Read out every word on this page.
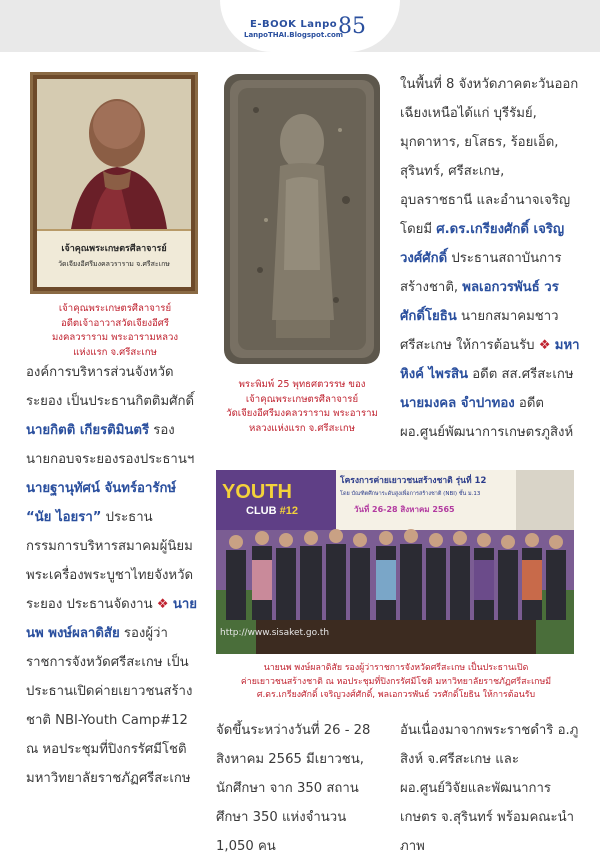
E-BOOK Lanpo
LanpoTHAI.Blogspot.com
85
เจ้าคุณพระเกษตรศีลาจารย์
วัดเจียงอีศรีมงคลวราราม จ.ศรีสะเกษ
เจ้าคุณพระเกษตรศีลาจารย์
อดีตเจ้าอาวาสวัดเจียงอีศรี
มงคลวราราม พระอารามหลวง
แห่งแรก จ.ศรีสะเกษ
พระพิมพ์ 25 พุทธศตวรรษ ของ
เจ้าคุณพระเกษตรศีลาจารย์
วัดเจียงอีศรีมงคลวราราม พระอาราม
หลวงแห่งแรก จ.ศรีสะเกษ

ในพื้นที่ 8 จังหวัดภาคตะวันออกเฉียงเหนือได้แก่ บุรีรัมย์, มุกดาหาร, ยโสธร, ร้อยเอ็ด, สุรินทร์, ศรีสะเกษ, อุบลราชธานี และอำนาจเจริญ โดยมี ศ.ดร.เกรียงศักดิ์ เจริญวงศ์ศักดิ์ ประธานสถาบันการสร้างชาติ, พลเอกวรพันธ์ วรศักดิ์โยธิน นายกสมาคมชาวศรีสะเกษ ให้การต้อนรับ ❖ มหาหิงค์ ไพรสิน อดีต สส.ศรีสะเกษ นายมงคล จำปาทอง อดีต ผอ.ศูนย์พัฒนาการเกษตรภูสิงห์

องค์การบริหารส่วนจังหวัด ระยอง เป็นประธานกิตติมศักดิ์ นายกิตติ เกียรติมินตรี รองนายกอบจระยองรองประธานฯ นายฐานุทัศน์ จันทร์อารักษ์ “นัย ไอยรา” ประธานกรรมการบริหารสมาคมผู้นิยมพระเครื่องพระบูชาไทยจังหวัดระยอง ประธานจัดงาน ❖ นายนพ พงษ์ผลาดิสัย รองผู้ว่าราชการจังหวัดศรีสะเกษ เป็นประธานเปิดค่ายเยาวชนสร้างชาติ NBI-Youth Camp#12 ณ หอประชุมที่ปิงกรรัศมีโชติ มหาวิทยาลัยราชภัฏศรีสะเกษ

YOUTH
CLUB #12
โครงการค่ายเยาวชนสร้างชาติ รุ่นที่ 12
โดย บัณฑิตศึกษาระดับสูงเพื่อการสร้างชาติ (NBI) ชั้น ม.13
วันที่ 26-28 สิงหาคม 2565
http://www.sisaket.go.th
นายนพ พงษ์ผลาดิสัย รองผู้ว่าราชการจังหวัดศรีสะเกษ เป็นประธานเปิด
ค่ายเยาวชนสร้างชาติ ณ หอประชุมที่ปิงกรรัศมีโชติ มหาวิทยาลัยราชภัฏศรีสะเกษมี
ศ.ดร.เกรียงศักดิ์ เจริญวงศ์ศักดิ์, พลเอกวรพันธ์ วรศักดิ์โยธิน ให้การต้อนรับ

จัดขึ้นระหว่างวันที่ 26 - 28 สิงหาคม 2565 มีเยาวชน, นักศึกษา จาก 350 สถานศึกษา 350 แห่งจำนวน 1,050 คน

อันเนื่องมาจากพระราชดำริ อ.ภูสิงห์ จ.ศรีสะเกษ และผอ.ศูนย์วิจัยและพัฒนาการเกษตร จ.สุรินทร์ พร้อมคณะนำภาพ
